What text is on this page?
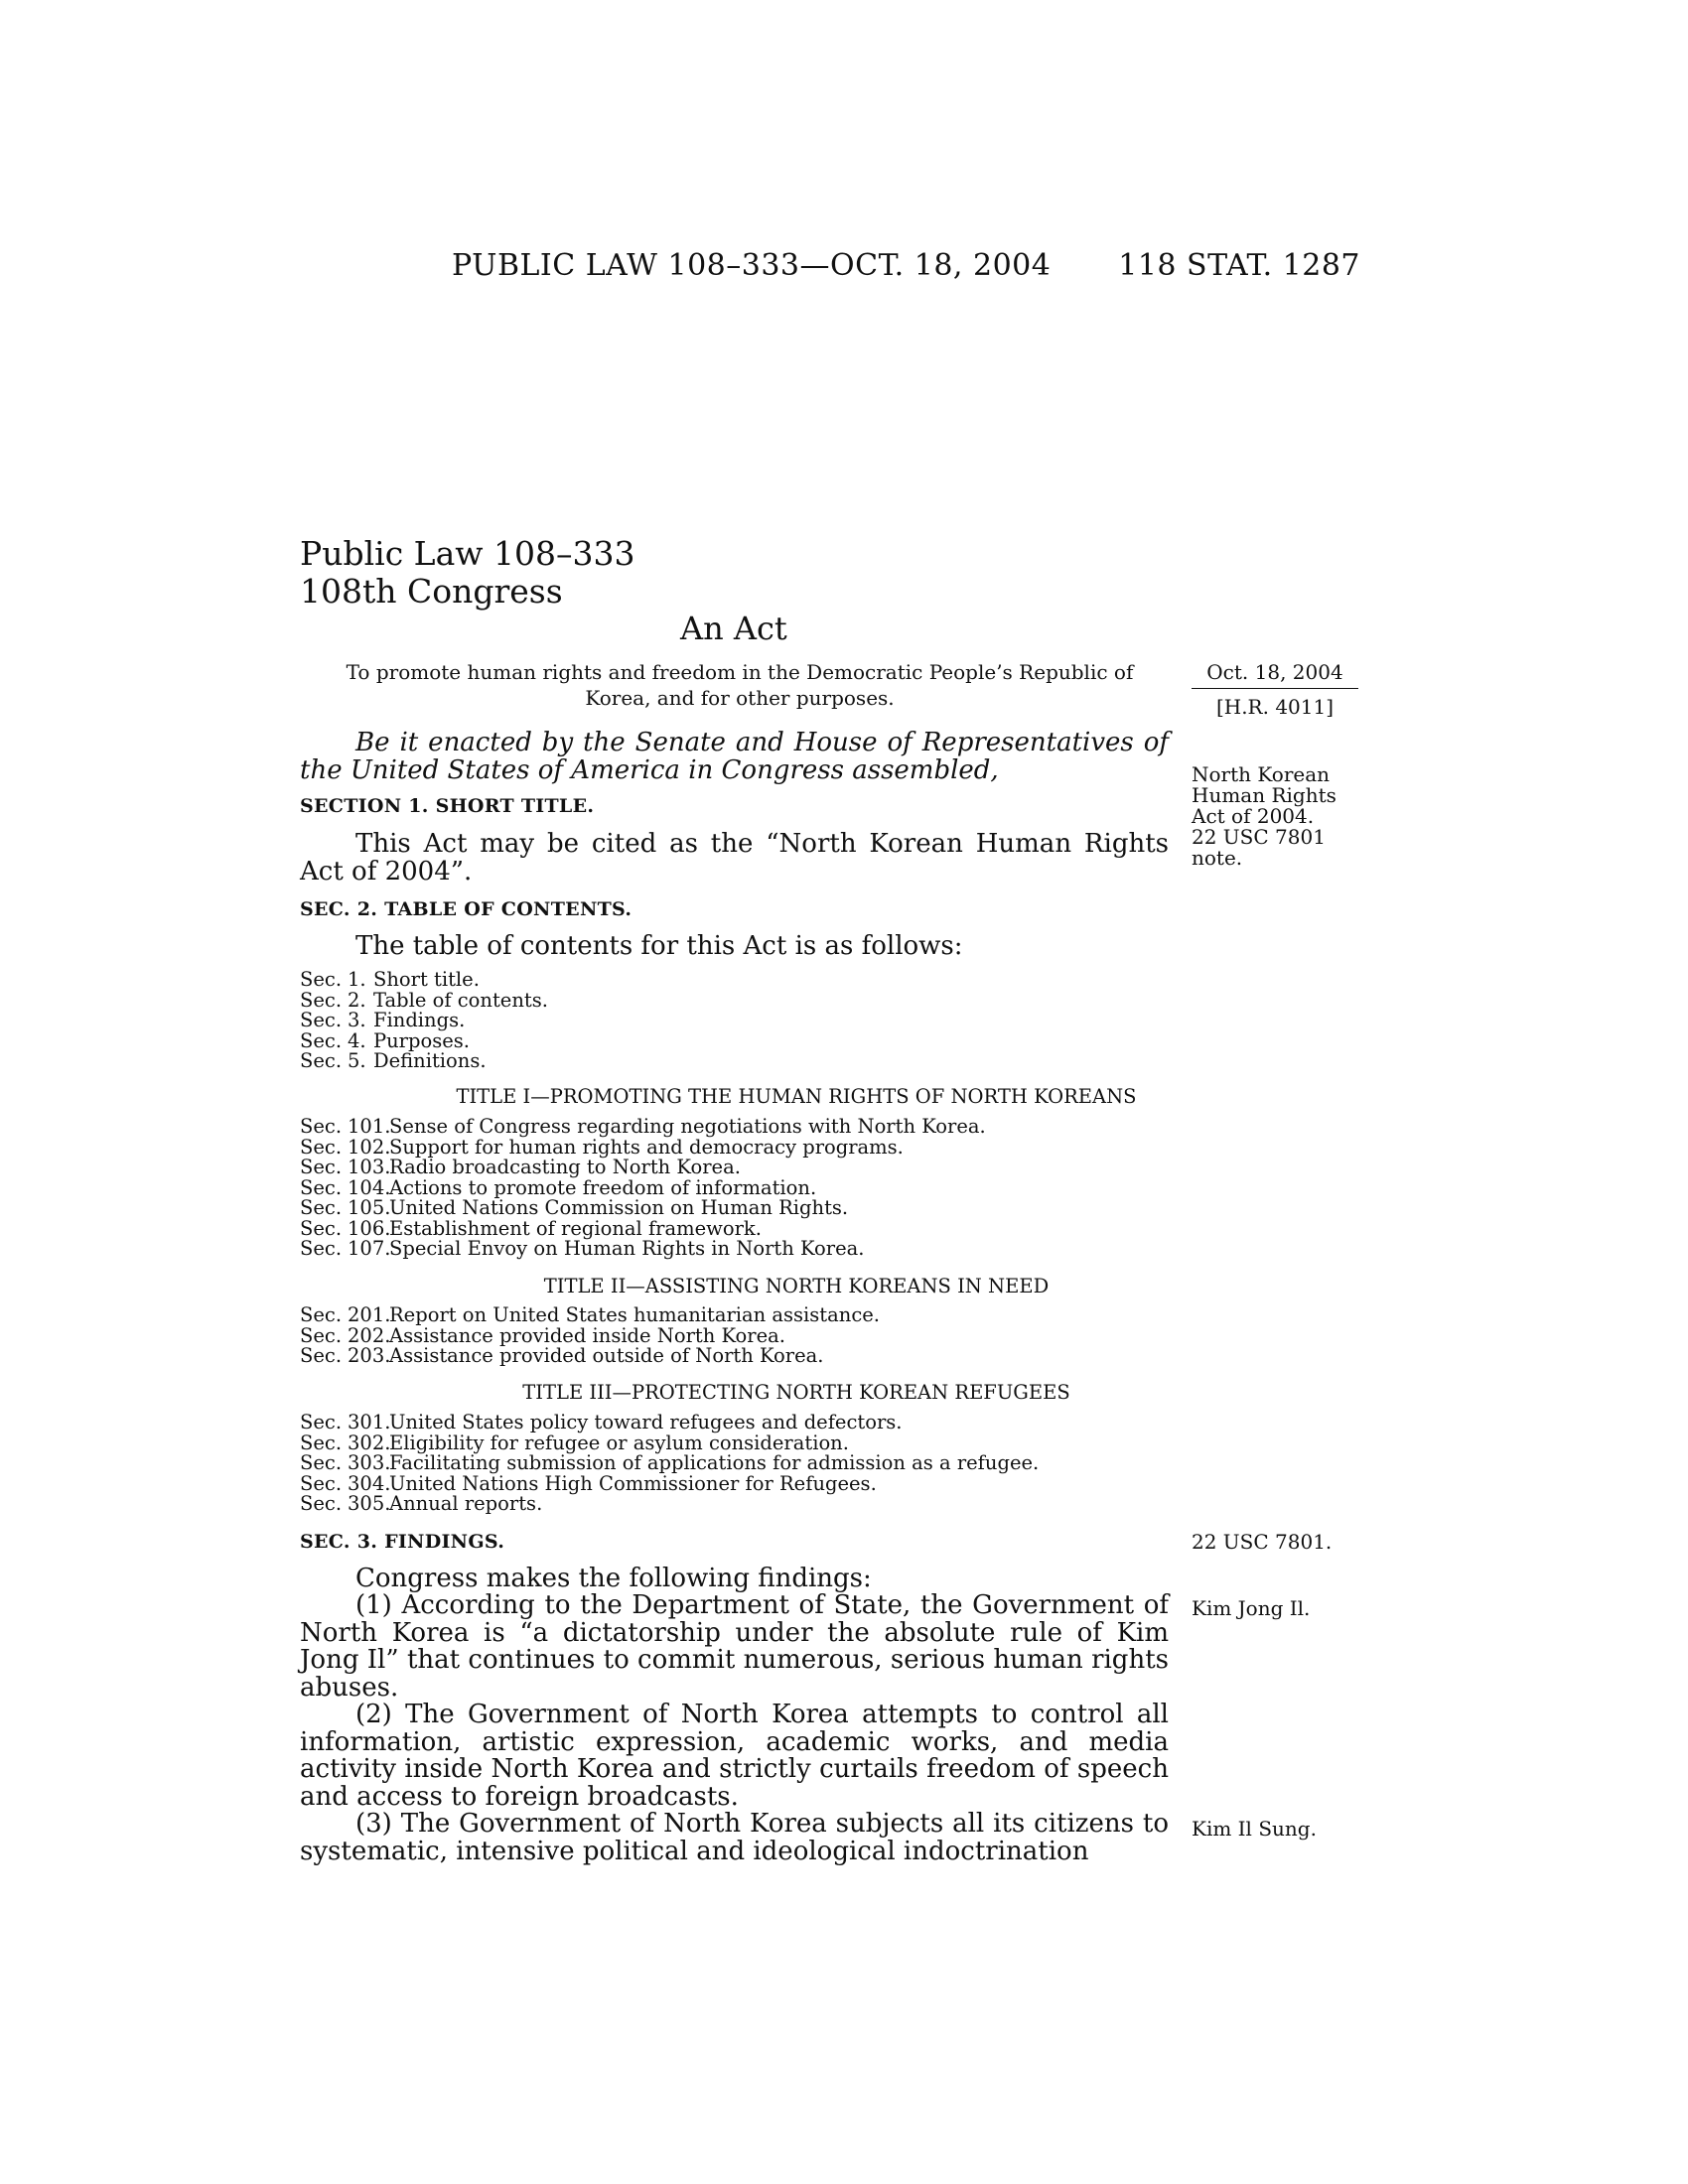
PUBLIC LAW 108–333—OCT. 18, 2004 118 STAT. 1287
Public Law 108–333
108th Congress
An Act
To promote human rights and freedom in the Democratic People’s Republic of Korea, and for other purposes.
Oct. 18, 2004
[H.R. 4011]
Be it enacted by the Senate and House of Representatives of the United States of America in Congress assembled,
SECTION 1. SHORT TITLE.
This Act may be cited as the “North Korean Human Rights Act of 2004”.
North Korean
Human Rights
Act of 2004.
22 USC 7801
note.
SEC. 2. TABLE OF CONTENTS.
The table of contents for this Act is as follows:
Sec. 1. Short title.
Sec. 2. Table of contents.
Sec. 3. Findings.
Sec. 4. Purposes.
Sec. 5. Definitions.
TITLE I—PROMOTING THE HUMAN RIGHTS OF NORTH KOREANS
Sec. 101.Sense of Congress regarding negotiations with North Korea.
Sec. 102.Support for human rights and democracy programs.
Sec. 103.Radio broadcasting to North Korea.
Sec. 104.Actions to promote freedom of information.
Sec. 105.United Nations Commission on Human Rights.
Sec. 106.Establishment of regional framework.
Sec. 107.Special Envoy on Human Rights in North Korea.
TITLE II—ASSISTING NORTH KOREANS IN NEED
Sec. 201.Report on United States humanitarian assistance.
Sec. 202.Assistance provided inside North Korea.
Sec. 203.Assistance provided outside of North Korea.
TITLE III—PROTECTING NORTH KOREAN REFUGEES
Sec. 301.United States policy toward refugees and defectors.
Sec. 302.Eligibility for refugee or asylum consideration.
Sec. 303.Facilitating submission of applications for admission as a refugee.
Sec. 304.United Nations High Commissioner for Refugees.
Sec. 305.Annual reports.
SEC. 3. FINDINGS.	22 USC 7801.
Congress makes the following findings:
(1) According to the Department of State, the Government of North Korea is “a dictatorship under the absolute rule of Kim Jong Il” that continues to commit numerous, serious human rights abuses.
Kim Jong Il.
(2) The Government of North Korea attempts to control all information, artistic expression, academic works, and media activity inside North Korea and strictly curtails freedom of speech and access to foreign broadcasts.
(3) The Government of North Korea subjects all its citizens to systematic, intensive political and ideological indoctrination
Kim Il Sung.
